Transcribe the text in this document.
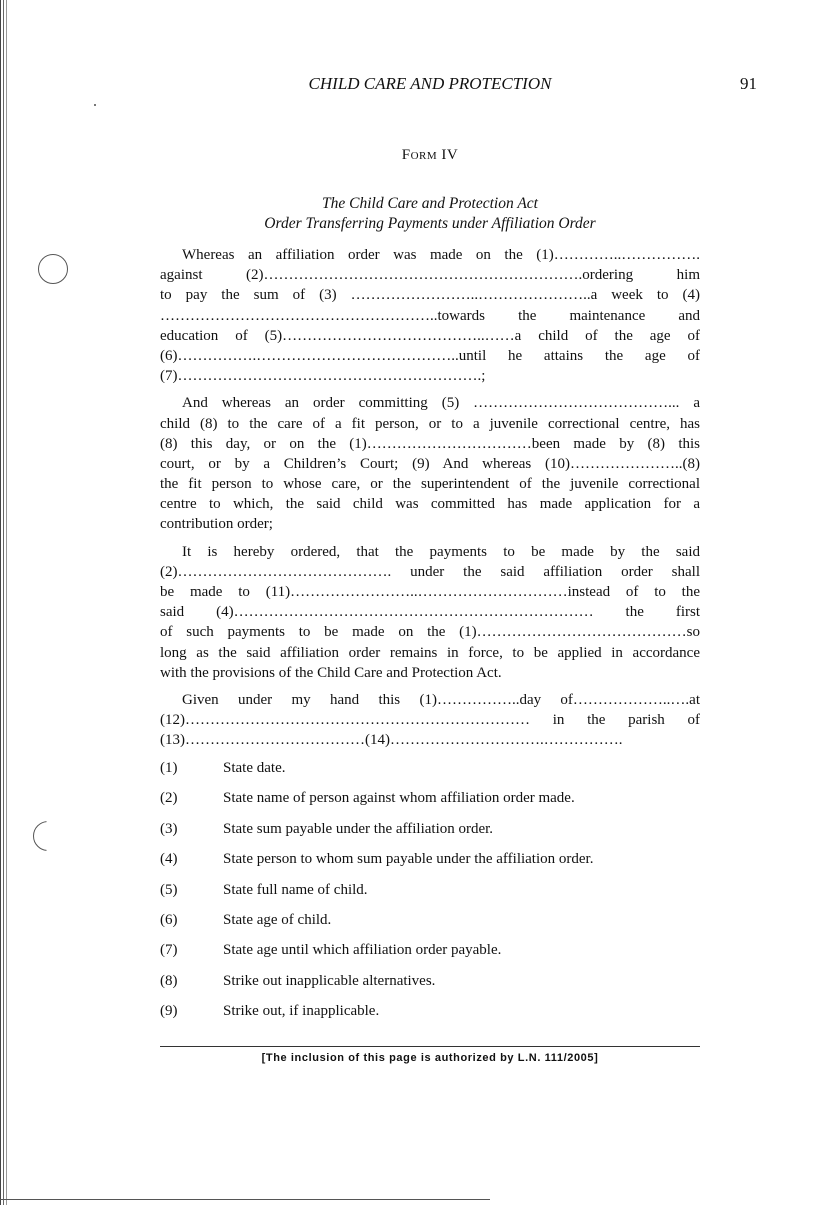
CHILD CARE AND PROTECTION	91
Form IV
The Child Care and Protection Act
Order Transferring Payments under Affiliation Order
Whereas an affiliation order was made on the (1)…………..…………….
against (2)……………………………………………………….ordering him
to pay the sum of (3) ……………………..…………………..a week to (4)
………………………………………………..towards the maintenance and
education of (5)…………………………………..……a child of the age of
(6)…………….…………………………………..until he attains the age of
(7)…………………………………………………….;
And whereas an order committing (5) …………………………………... a
child (8) to the care of a fit person, or to a juvenile correctional centre, has
(8) this day, or on the (1)……………………………been made by (8) this
court, or by a Children’s Court; (9) And whereas (10)…………………..(8)
the fit person to whose care, or the superintendent of the juvenile correctional
centre to which, the said child was committed has made application for a
contribution order;
It is hereby ordered, that the payments to be made by the said
(2)……………………………………. under the said affiliation order shall
be made to (11)……………………..…………………………instead of to the
said (4)……………………………………………………………… the first
of such payments to be made on the (1)……………………………………so
long as the said affiliation order remains in force, to be applied in accordance
with the provisions of the Child Care and Protection Act.
Given under my hand this (1)……………..day of………………..….at
(12)…………………………………………………………… in the parish of
(13)………………………………(14)………………………….…………….
(1)	State date.
(2)	State name of person against whom affiliation order made.
(3)	State sum payable under the affiliation order.
(4)	State person to whom sum payable under the affiliation order.
(5)	State full name of child.
(6)	State age of child.
(7)	State age until which affiliation order payable.
(8)	Strike out inapplicable alternatives.
(9)	Strike out, if inapplicable.
[The inclusion of this page is authorized by L.N. 111/2005]
